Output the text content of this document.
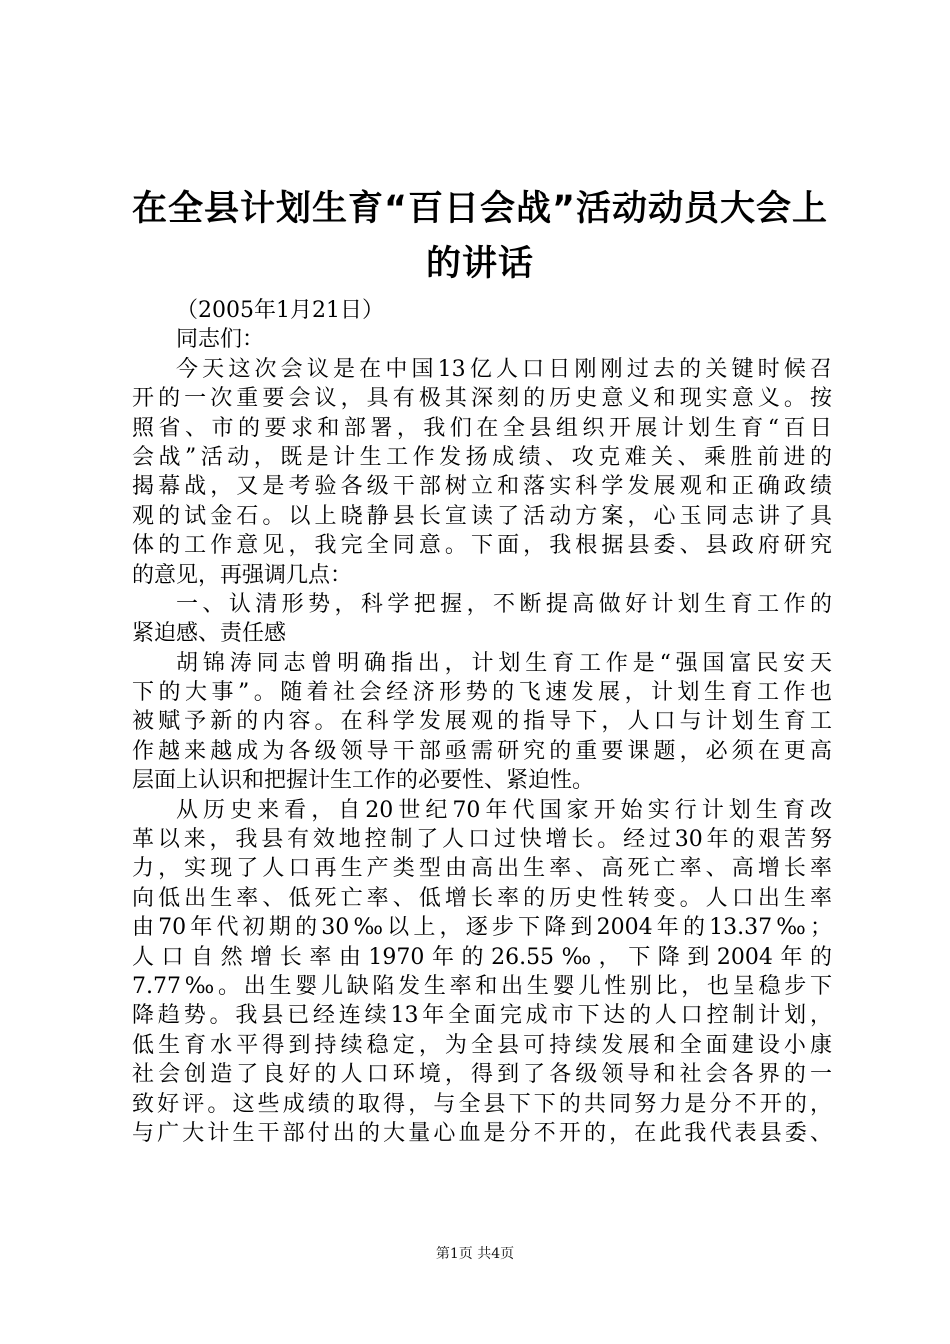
在全县计划生育“百日会战”活动动员大会上
的讲话
（2005年1月21日）
同志们：
今天这次会议是在中国13亿人口日刚刚过去的关键时候召
开的一次重要会议，具有极其深刻的历史意义和现实意义。按
照省、市的要求和部署，我们在全县组织开展计划生育“百日
会战”活动，既是计生工作发扬成绩、攻克难关、乘胜前进的
揭幕战，又是考验各级干部树立和落实科学发展观和正确政绩
观的试金石。以上晓静县长宣读了活动方案，心玉同志讲了具
体的工作意见，我完全同意。下面，我根据县委、县政府研究
的意见，再强调几点：
一、认清形势，科学把握，不断提高做好计划生育工作的
紧迫感、责任感
胡锦涛同志曾明确指出，计划生育工作是“强国富民安天
下的大事”。随着社会经济形势的飞速发展，计划生育工作也
被赋予新的内容。在科学发展观的指导下，人口与计划生育工
作越来越成为各级领导干部亟需研究的重要课题，必须在更高
层面上认识和把握计生工作的必要性、紧迫性。
从历史来看，自20世纪70年代国家开始实行计划生育改
革以来，我县有效地控制了人口过快增长。经过30年的艰苦努
力，实现了人口再生产类型由高出生率、高死亡率、高增长率
向低出生率、低死亡率、低增长率的历史性转变。人口出生率
由70年代初期的30‰以上，逐步下降到2004年的13.37‰；
人口自然增长率由1970年的26.55‰，下降到2004年的
7.77‰。出生婴儿缺陷发生率和出生婴儿性别比，也呈稳步下
降趋势。我县已经连续13年全面完成市下达的人口控制计划，
低生育水平得到持续稳定，为全县可持续发展和全面建设小康
社会创造了良好的人口环境，得到了各级领导和社会各界的一
致好评。这些成绩的取得，与全县下下的共同努力是分不开的，
与广大计生干部付出的大量心血是分不开的，在此我代表县委、
第1页 共4页
